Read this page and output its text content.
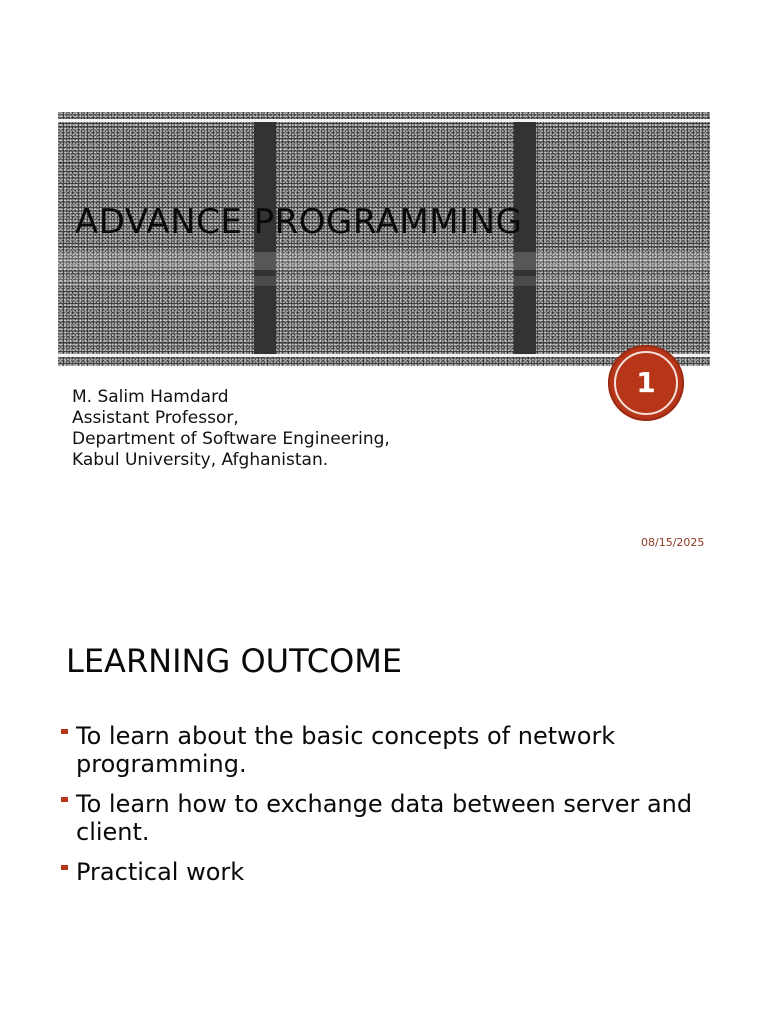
ADVANCE PROGRAMMING
1
M. Salim Hamdard
Assistant Professor,
Department of Software Engineering,
Kabul University, Afghanistan.
08/15/2025
LEARNING OUTCOME
To learn about the basic concepts of network programming.
To learn how to exchange data between server and client.
Practical work
